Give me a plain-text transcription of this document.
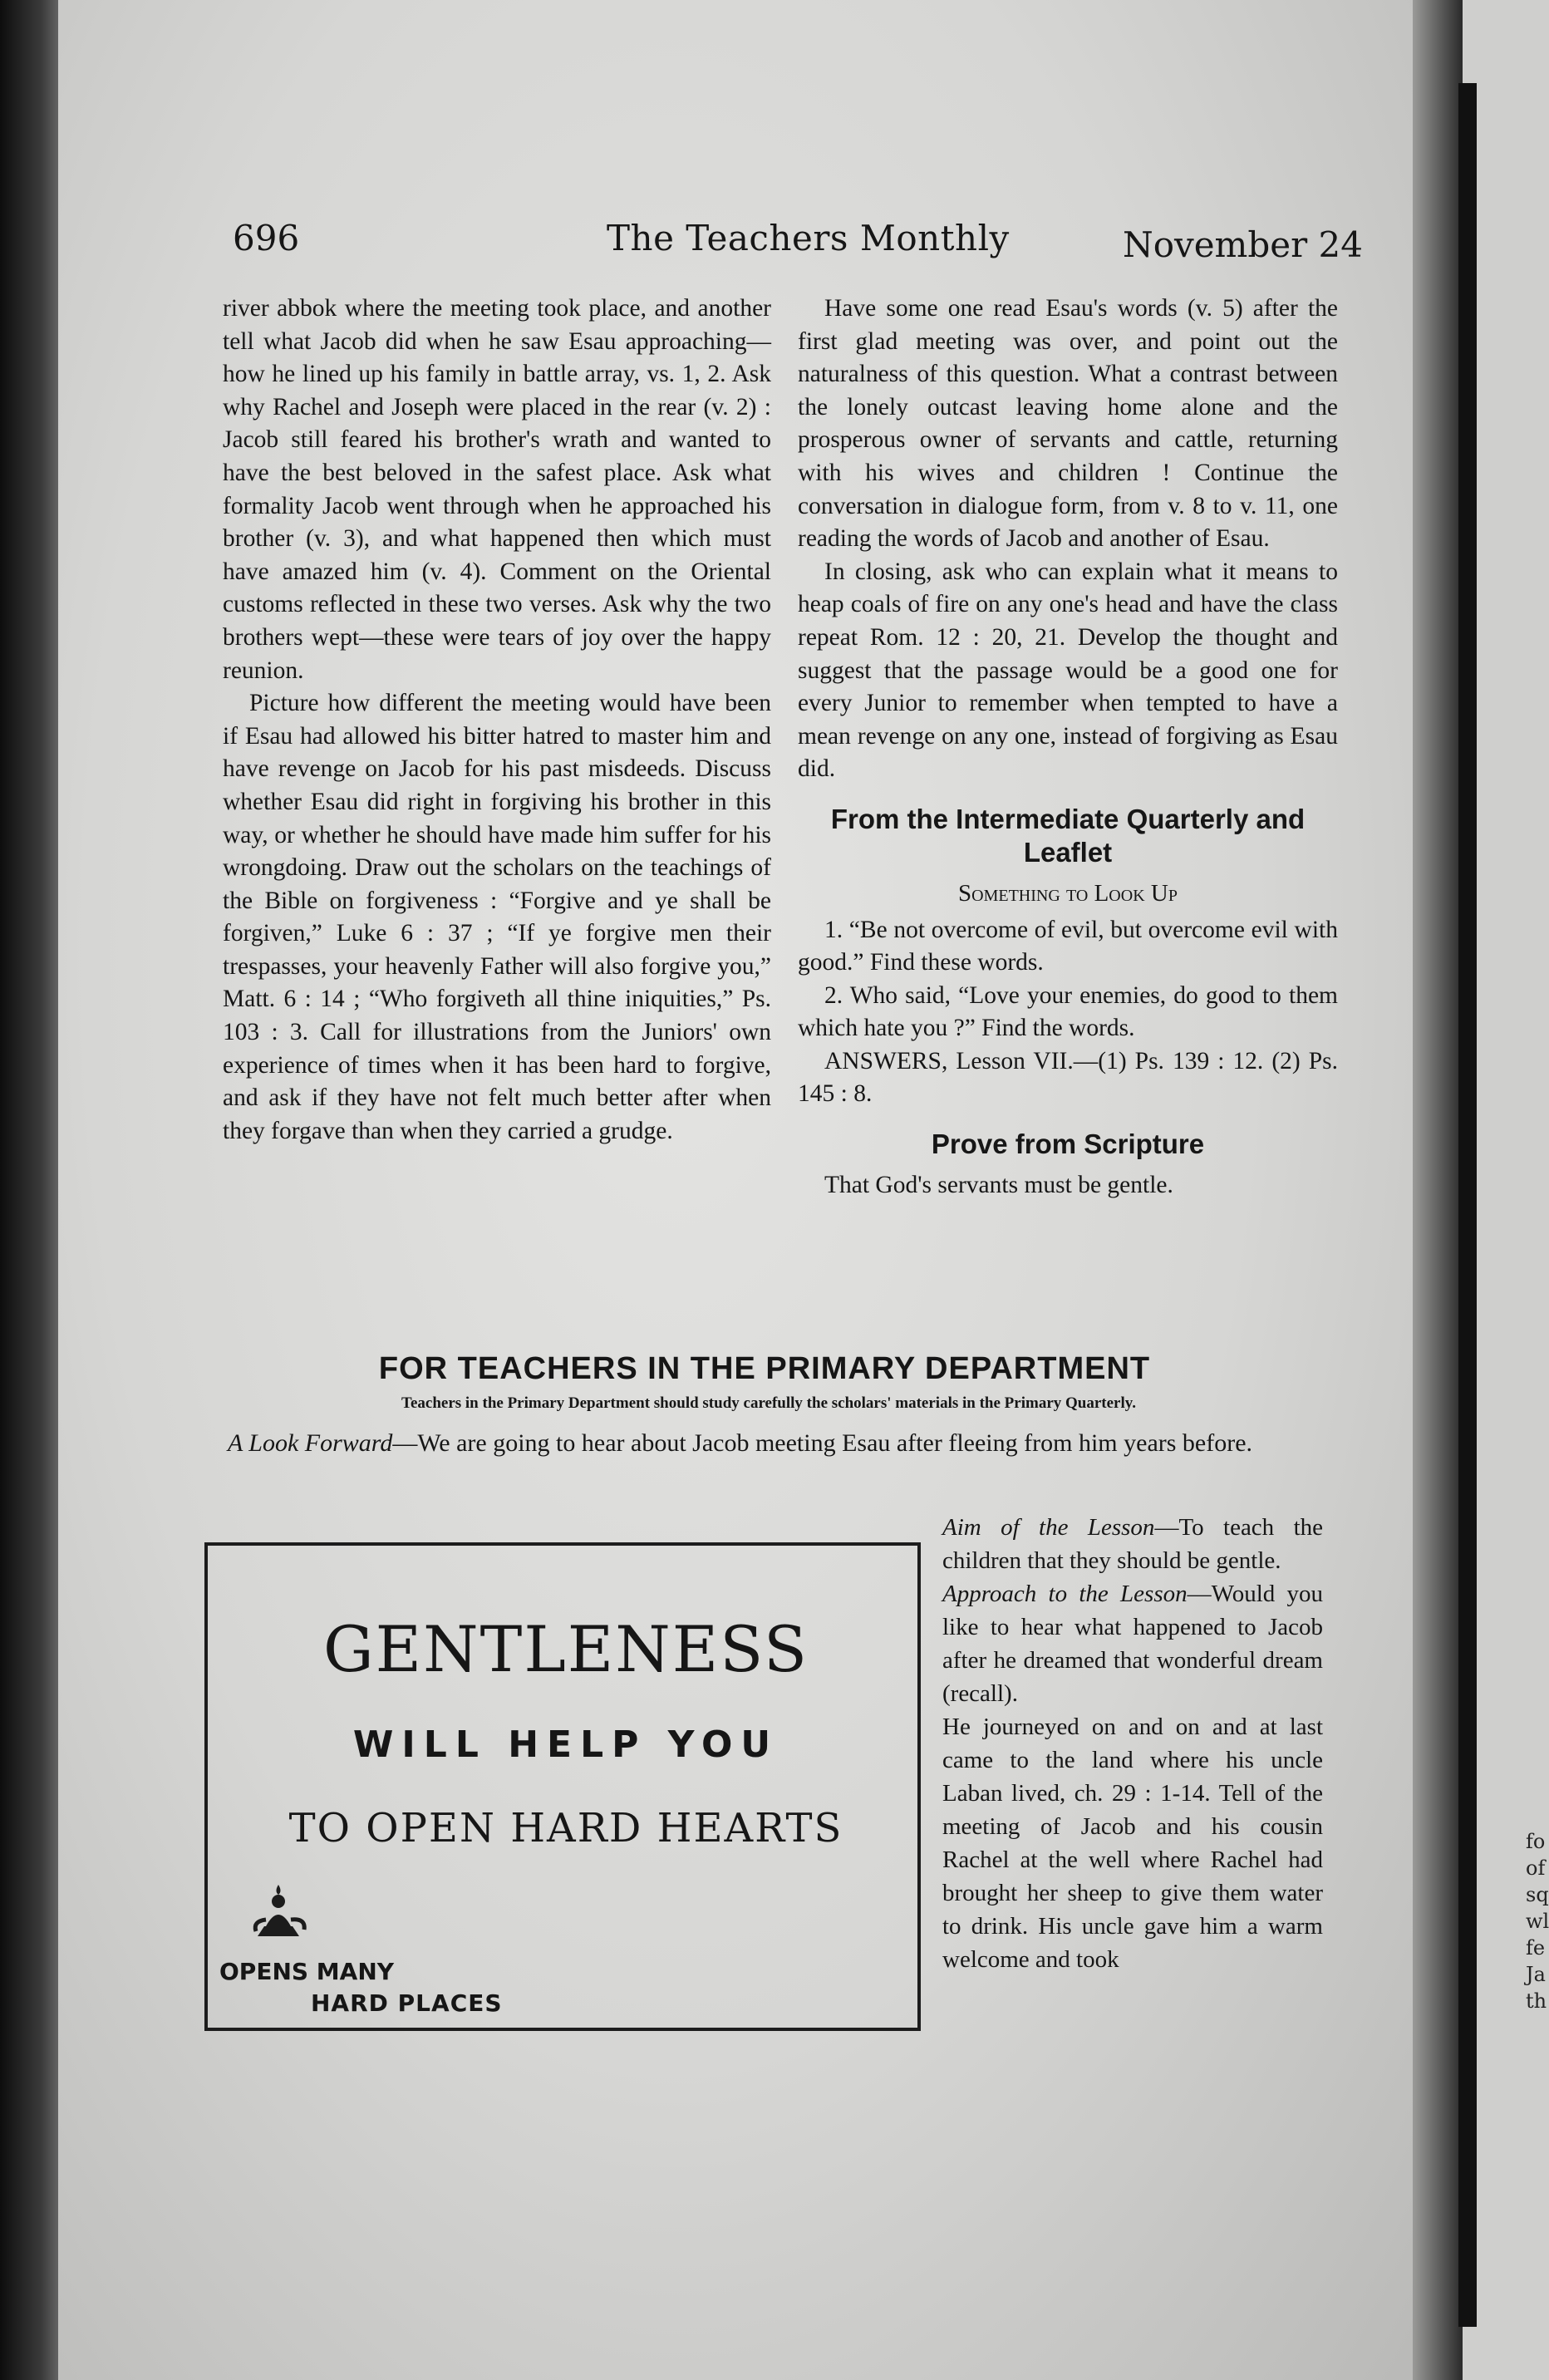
fo
of
sq
wl
fe
Ja
th
696	The Teachers Monthly	November 24

river abbok where the meeting took place, and another tell what Jacob did when he saw Esau approaching—how he lined up his family in battle array, vs. 1, 2. Ask why Rachel and Joseph were placed in the rear (v. 2) : Jacob still feared his brother's wrath and wanted to have the best beloved in the safest place. Ask what formality Jacob went through when he approached his brother (v. 3), and what happened then which must have amazed him (v. 4). Comment on the Oriental customs reflected in these two verses. Ask why the two brothers wept—these were tears of joy over the happy reunion.

Picture how different the meeting would have been if Esau had allowed his bitter hatred to master him and have revenge on Jacob for his past misdeeds. Discuss whether Esau did right in forgiving his brother in this way, or whether he should have made him suffer for his wrongdoing. Draw out the scholars on the teachings of the Bible on forgiveness : “Forgive and ye shall be forgiven,” Luke 6 : 37 ; “If ye forgive men their trespasses, your heavenly Father will also forgive you,” Matt. 6 : 14 ; “Who forgiveth all thine iniquities,” Ps. 103 : 3. Call for illustrations from the Juniors' own experience of times when it has been hard to forgive, and ask if they have not felt much better after when they forgave than when they carried a grudge.

Have some one read Esau's words (v. 5) after the first glad meeting was over, and point out the naturalness of this question. What a contrast between the lonely outcast leaving home alone and the prosperous owner of servants and cattle, returning with his wives and children ! Continue the conversation in dialogue form, from v. 8 to v. 11, one reading the words of Jacob and another of Esau.

In closing, ask who can explain what it means to heap coals of fire on any one's head and have the class repeat Rom. 12 : 20, 21. Develop the thought and suggest that the passage would be a good one for every Junior to remember when tempted to have a mean revenge on any one, instead of forgiving as Esau did.

From the Intermediate Quarterly and Leaflet
Something to Look Up

1. “Be not overcome of evil, but overcome evil with good.” Find these words.

2. Who said, “Love your enemies, do good to them which hate you ?” Find the words.

ANSWERS, Lesson VII.—(1) Ps. 139 : 12. (2) Ps. 145 : 8.

Prove from Scripture

That God's servants must be gentle.

FOR TEACHERS IN THE PRIMARY DEPARTMENT
Teachers in the Primary Department should study carefully the scholars' materials in the Primary Quarterly.
A Look Forward—We are going to hear about Jacob meeting Esau after fleeing from him years before.
GENTLENESS
WILL HELP YOU
TO OPEN HARD HEARTS
OPENS MANY
HARD PLACES

Aim of the Lesson—To teach the children that they should be gentle.

Approach to the Lesson—Would you like to hear what happened to Jacob after he dreamed that wonderful dream (recall).

He journeyed on and on and at last came to the land where his uncle Laban lived, ch. 29 : 1-14. Tell of the meeting of Jacob and his cousin Rachel at the well where Rachel had brought her sheep to give them water to drink. His uncle gave him a warm welcome and took
